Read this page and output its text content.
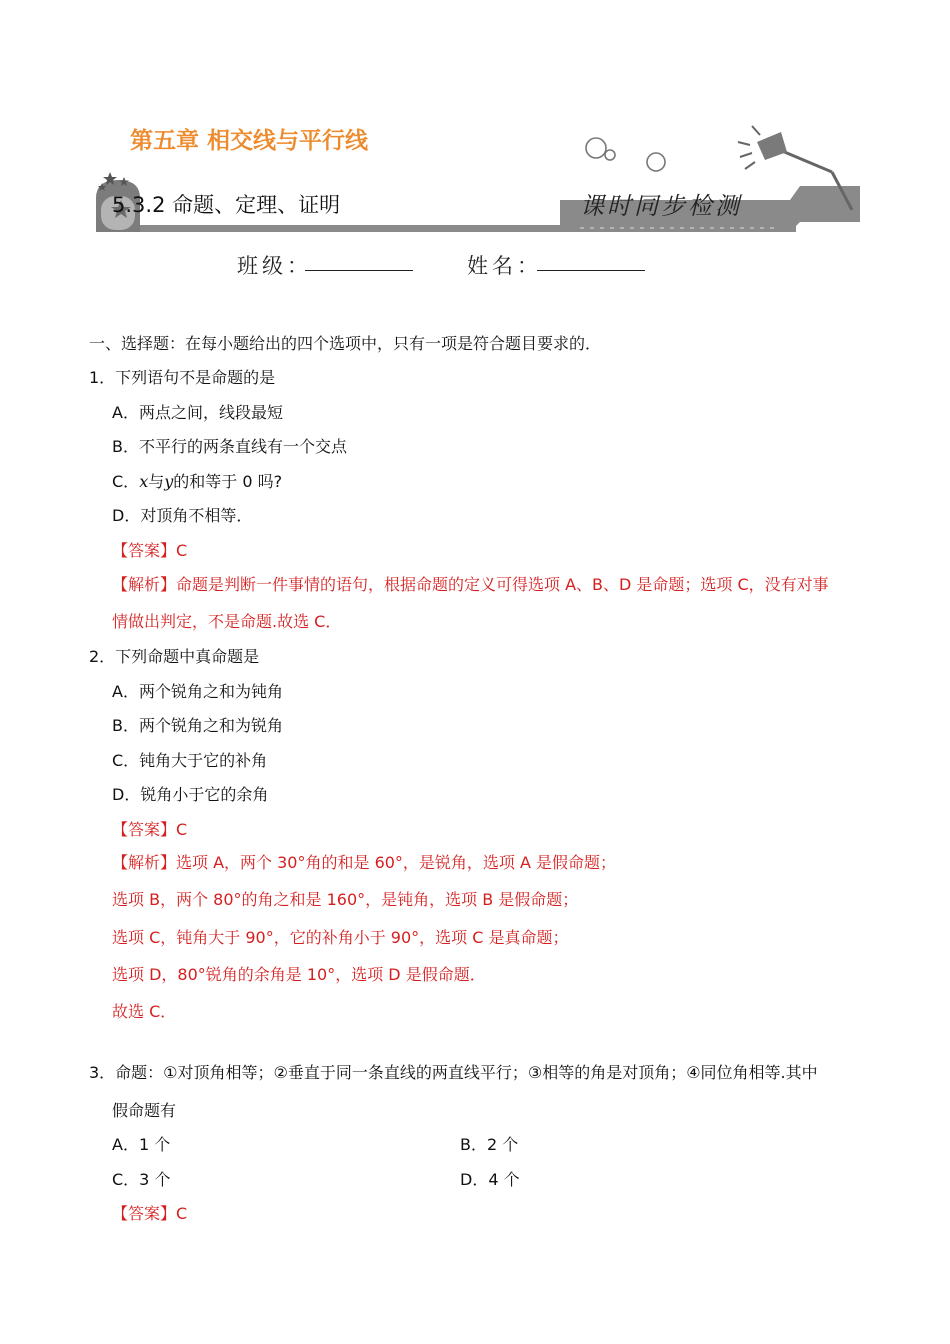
第五章 相交线与平行线
5.3.2 命题、定理、证明	课时同步检测
班级：	姓名：
一、选择题：在每小题给出的四个选项中，只有一项是符合题目要求的．
1．下列语句不是命题的是
A．两点之间，线段最短
B．不平行的两条直线有一个交点
C．x与y的和等于 0 吗?
D．对顶角不相等．
【答案】C
【解析】命题是判断一件事情的语句，根据命题的定义可得选项 A、B、D 是命题；选项 C，没有对事
情做出判定，不是命题.故选 C．
2．下列命题中真命题是
A．两个锐角之和为钝角
B．两个锐角之和为锐角
C．钝角大于它的补角
D．锐角小于它的余角
【答案】C
【解析】选项 A，两个 30°角的和是 60°，是锐角，选项 A 是假命题；
选项 B，两个 80°的角之和是 160°，是钝角，选项 B 是假命题；
选项 C，钝角大于 90°，它的补角小于 90°，选项 C 是真命题；
选项 D，80°锐角的余角是 10°，选项 D 是假命题．
故选 C．
3．命题：①对顶角相等；②垂直于同一条直线的两直线平行；③相等的角是对顶角；④同位角相等.其中
假命题有
A．1 个	B．2 个
C．3 个	D．4 个
【答案】C
